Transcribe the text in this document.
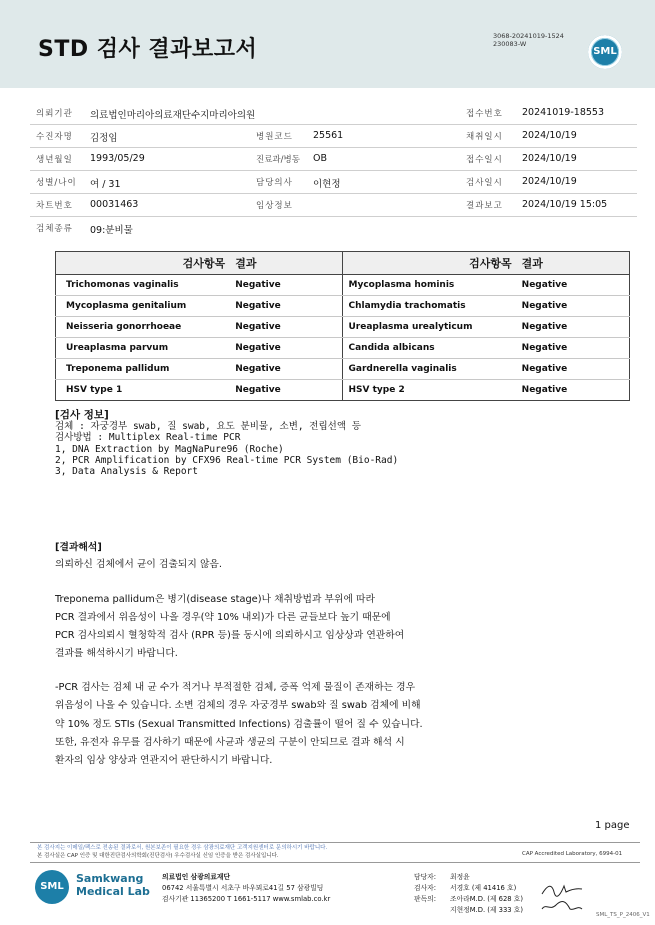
STD 검사 결과보고서
3068-20241019-1524
230083-W
SML
의뢰기관 의료법인마리아의료재단수지마리아의원	접수번호 20241019-18553
수진자명 김정임	병원코드 25561	채취일시 2024/10/19
생년월일 1993/05/29	진료과/병동 OB	접수일시 2024/10/19
성별/나이 여 / 31	담당의사 이현정	검사일시 2024/10/19
차트번호 00031463	임상정보	결과보고 2024/10/19 15:05
검체종류 09:분비물
검사항목	결과	검사항목	결과
Trichomonas vaginalis	Negative	Mycoplasma hominis	Negative
Mycoplasma genitalium	Negative	Chlamydia trachomatis	Negative
Neisseria gonorrhoeae	Negative	Ureaplasma urealyticum	Negative
Ureaplasma parvum	Negative	Candida albicans	Negative
Treponema pallidum	Negative	Gardnerella vaginalis	Negative
HSV type 1	Negative	HSV type 2	Negative
[검사 정보]
검체 : 자궁경부 swab, 질 swab, 요도 분비물, 소변, 전립선액 등
검사방법 : Multiplex Real-time PCR
1, DNA Extraction by MagNaPure96 (Roche)
2, PCR Amplification by CFX96 Real-time PCR System (Bio-Rad)
3, Data Analysis & Report
[결과해석]
의뢰하신 검체에서 균이 검출되지 않음.
Treponema pallidum은 병기(disease stage)나 채취방법과 부위에 따라
PCR 결과에서 위음성이 나올 경우(약 10% 내외)가 다른 균들보다 높기 때문에
PCR 검사의뢰시 혈청학적 검사 (RPR 등)를 동시에 의뢰하시고 임상상과 연관하여
결과를 해석하시기 바랍니다.
-PCR 검사는 검체 내 균 수가 적거나 부적절한 검체, 증폭 억제 물질이 존재하는 경우
위음성이 나올 수 있습니다. 소변 검체의 경우 자궁경부 swab와 질 swab 검체에 비해
약 10% 정도 STIs (Sexual Transmitted Infections) 검출률이 떨어 질 수 있습니다.
또한, 유전자 유무를 검사하기 때문에 사균과 생균의 구분이 안되므로 결과 해석 시
환자의 임상 양상과 연관지어 판단하시기 바랍니다.
1 page
본 검사지는 이메일/팩스로 전송된 결과로서, 원본보존이 필요한 경우 삼광의료재단 고객지원센터로 문의하시기 바랍니다.
본 검사실은 CAP 인증 및 대한진단검사의학회(진단검사) 우수검사실 신임 인증을 받은 검사실입니다.	CAP Accredited Laboratory, 6994-01
SML
Samkwang
Medical Lab
의료법인 삼광의료재단
06742 서울특별시 서초구 바우뫼로41길 57 삼광빌딩
검사기관 11365200 T 1661-5117 www.smlab.co.kr
담당자: 최정윤
검사자: 서경호 (제 41416 호)
판독의: 조아라M.D. (제 628 호)
지현정M.D. (제 333 호)
SML_TS_P_2406_V1
